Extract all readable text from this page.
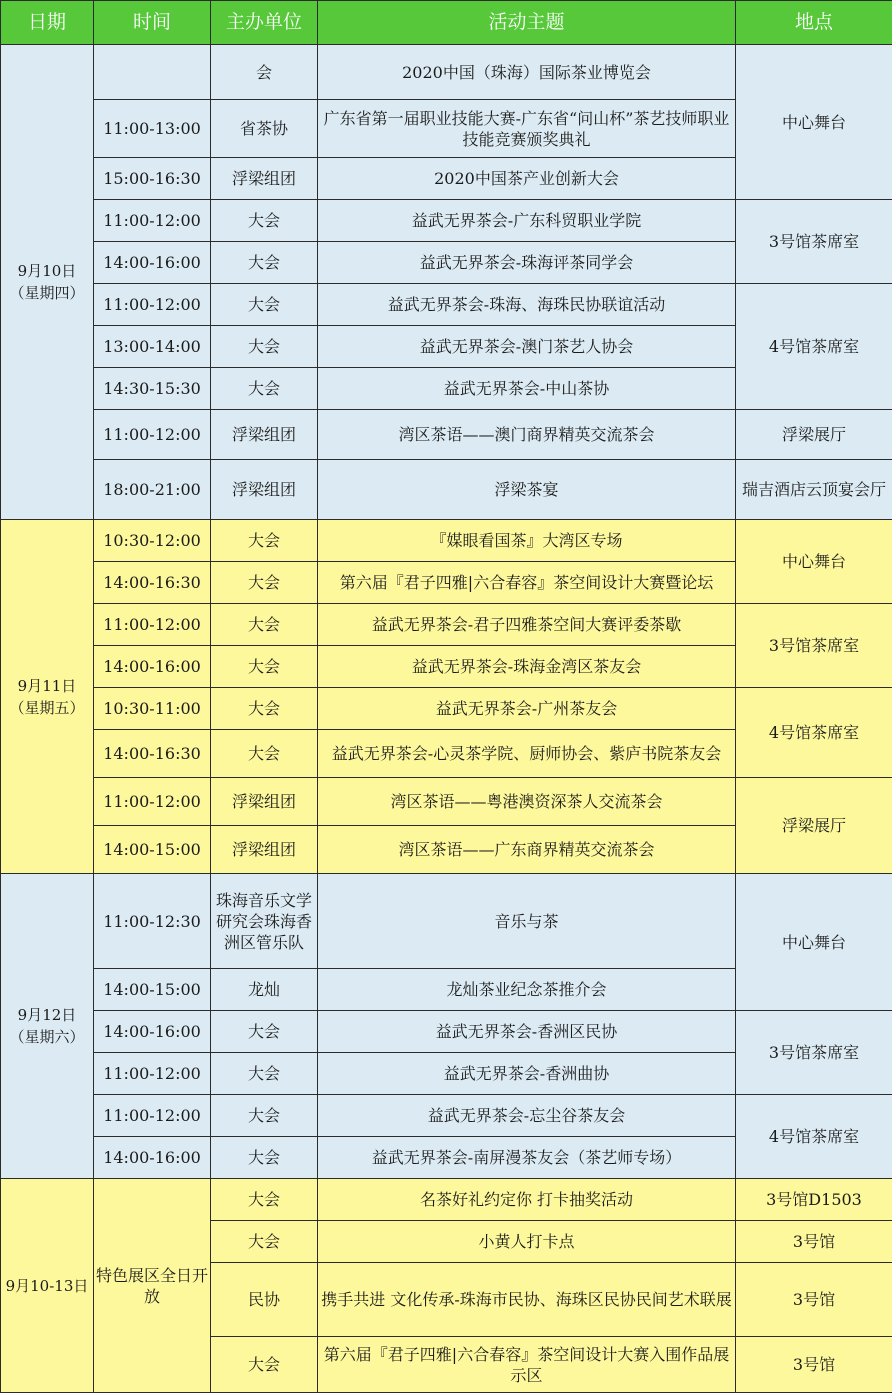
日期	时间	主办单位	活动主题	地点
9月10日（星期四）		会	2020中国（珠海）国际茶业博览会	中心舞台
	11:00-13:00	省茶协	广东省第一届职业技能大赛-广东省“问山杯”茶艺技师职业技能竞赛颁奖典礼	
	15:00-16:30	浮梁组团	2020中国茶产业创新大会	
	11:00-12:00	大会	益武无界茶会-广东科贸职业学院	3号馆茶席室
	14:00-16:00	大会	益武无界茶会-珠海评茶同学会	
	11:00-12:00	大会	益武无界茶会-珠海、海珠民协联谊活动	4号馆茶席室
	13:00-14:00	大会	益武无界茶会-澳门茶艺人协会	
	14:30-15:30	大会	益武无界茶会-中山茶协	
	11:00-12:00	浮梁组团	湾区茶语——澳门商界精英交流茶会	浮梁展厅
	18:00-21:00	浮梁组团	浮梁茶宴	瑞吉酒店云顶宴会厅
9月11日（星期五）	10:30-12:00	大会	『媒眼看国茶』大湾区专场	中心舞台
	14:00-16:30	大会	第六届『君子四雅|六合春容』茶空间设计大赛暨论坛	
	11:00-12:00	大会	益武无界茶会-君子四雅茶空间大赛评委茶歇	3号馆茶席室
	14:00-16:00	大会	益武无界茶会-珠海金湾区茶友会	
	10:30-11:00	大会	益武无界茶会-广州茶友会	4号馆茶席室
	14:00-16:30	大会	益武无界茶会-心灵茶学院、厨师协会、紫庐书院茶友会	
	11:00-12:00	浮梁组团	湾区茶语——粤港澳资深茶人交流茶会	浮梁展厅
	14:00-15:00	浮梁组团	湾区茶语——广东商界精英交流茶会	
9月12日（星期六）	11:00-12:30	珠海音乐文学研究会珠海香洲区管乐队	音乐与茶	中心舞台
	14:00-15:00	龙灿	龙灿茶业纪念茶推介会	
	14:00-16:00	大会	益武无界茶会-香洲区民协	3号馆茶席室
	11:00-12:00	大会	益武无界茶会-香洲曲协	
	11:00-12:00	大会	益武无界茶会-忘尘谷茶友会	4号馆茶席室
	14:00-16:00	大会	益武无界茶会-南屏漫茶友会（茶艺师专场）	
9月10-13日	特色展区全日开放	大会	名茶好礼约定你 打卡抽奖活动	3号馆D1503
		大会	小黄人打卡点	3号馆
		民协	携手共进 文化传承-珠海市民协、海珠区民协民间艺术联展	3号馆
		大会	第六届『君子四雅|六合春容』茶空间设计大赛入围作品展示区	3号馆
